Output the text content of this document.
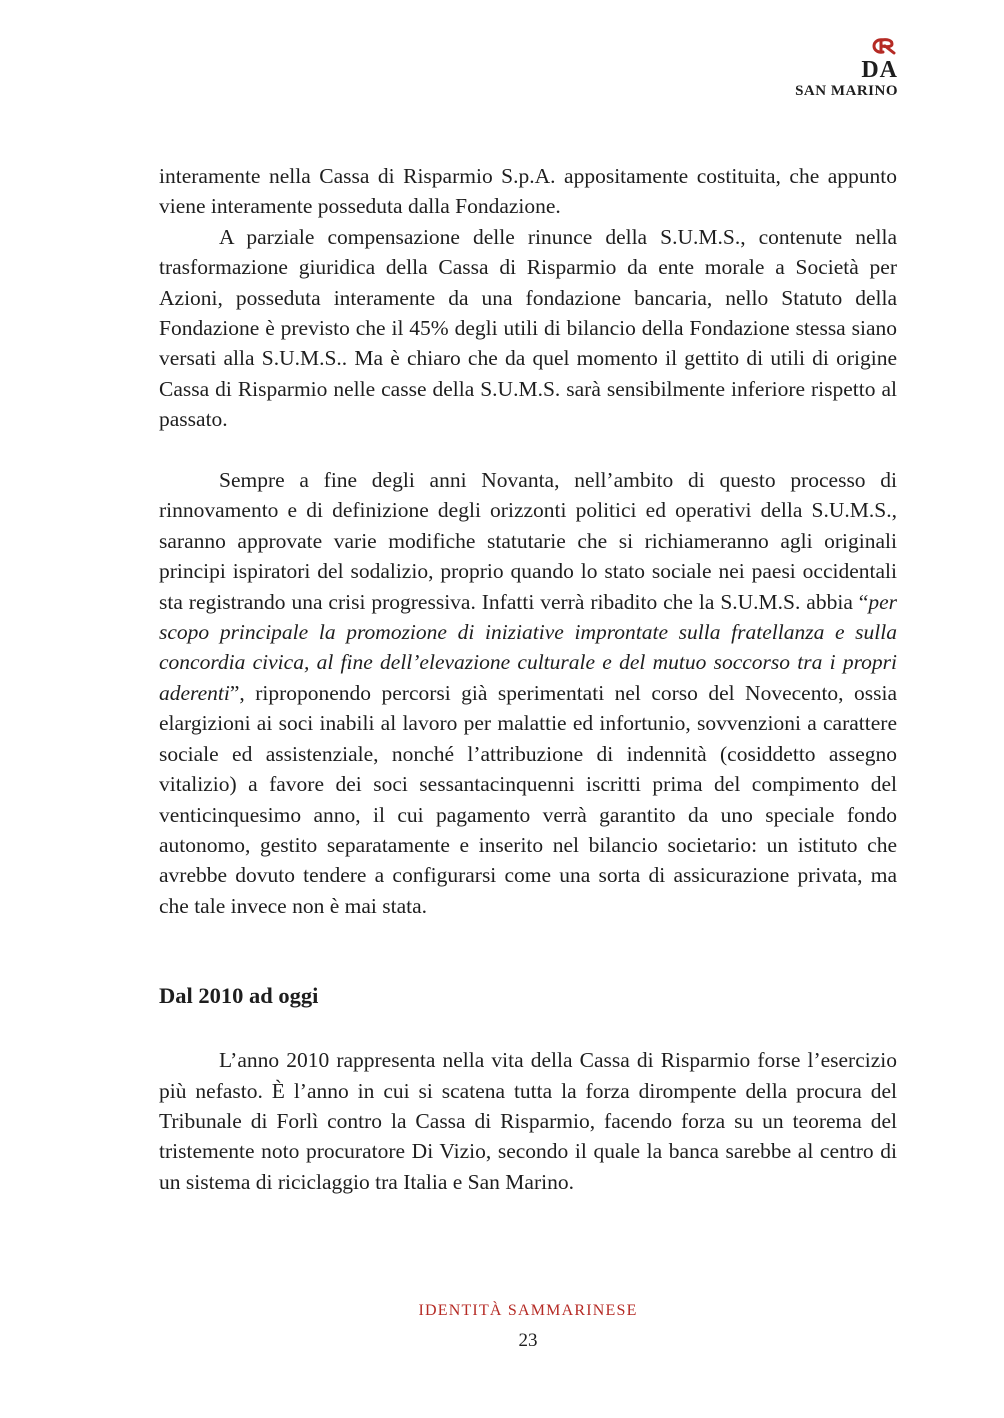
DA
SAN MARINO

interamente nella Cassa di Risparmio S.p.A. appositamente costituita, che appunto viene interamente posseduta dalla Fondazione.

A parziale compensazione delle rinunce della S.U.M.S., contenute nella trasformazione giuridica della Cassa di Risparmio da ente morale a Società per Azioni, posseduta interamente da una fondazione bancaria, nello Statuto della Fondazione è previsto che il 45% degli utili di bilancio della Fondazione stessa siano versati alla S.U.M.S.. Ma è chiaro che da quel momento il gettito di utili di origine Cassa di Risparmio nelle casse della S.U.M.S. sarà sensibilmente inferiore rispetto al passato.

Sempre a fine degli anni Novanta, nell’ambito di questo processo di rinnovamento e di definizione degli orizzonti politici ed operativi della S.U.M.S., saranno approvate varie modifiche statutarie che si richiameranno agli originali principi ispiratori del sodalizio, proprio quando lo stato sociale nei paesi occidentali sta registrando una crisi progressiva. Infatti verrà ribadito che la S.U.M.S. abbia “per scopo principale la promozione di iniziative improntate sulla fratellanza e sulla concordia civica, al fine dell’elevazione culturale e del mutuo soccorso tra i propri aderenti”, riproponendo percorsi già sperimentati nel corso del Novecento, ossia elargizioni ai soci inabili al lavoro per malattie ed infortunio, sovvenzioni a carattere sociale ed assistenziale, nonché l’attribuzione di indennità (cosiddetto assegno vitalizio) a favore dei soci sessantacinquenni iscritti prima del compimento del venticinquesimo anno, il cui pagamento verrà garantito da uno speciale fondo autonomo, gestito separatamente e inserito nel bilancio societario: un istituto che avrebbe dovuto tendere a configurarsi come una sorta di assicurazione privata, ma che tale invece non è mai stata.

Dal 2010 ad oggi

L’anno 2010 rappresenta nella vita della Cassa di Risparmio forse l’esercizio più nefasto. È l’anno in cui si scatena tutta la forza dirompente della procura del Tribunale di Forlì contro la Cassa di Risparmio, facendo forza su un teorema del tristemente noto procuratore Di Vizio, secondo il quale la banca sarebbe al centro di un sistema di riciclaggio tra Italia e San Marino.

IDENTITÀ SAMMARINESE
23
